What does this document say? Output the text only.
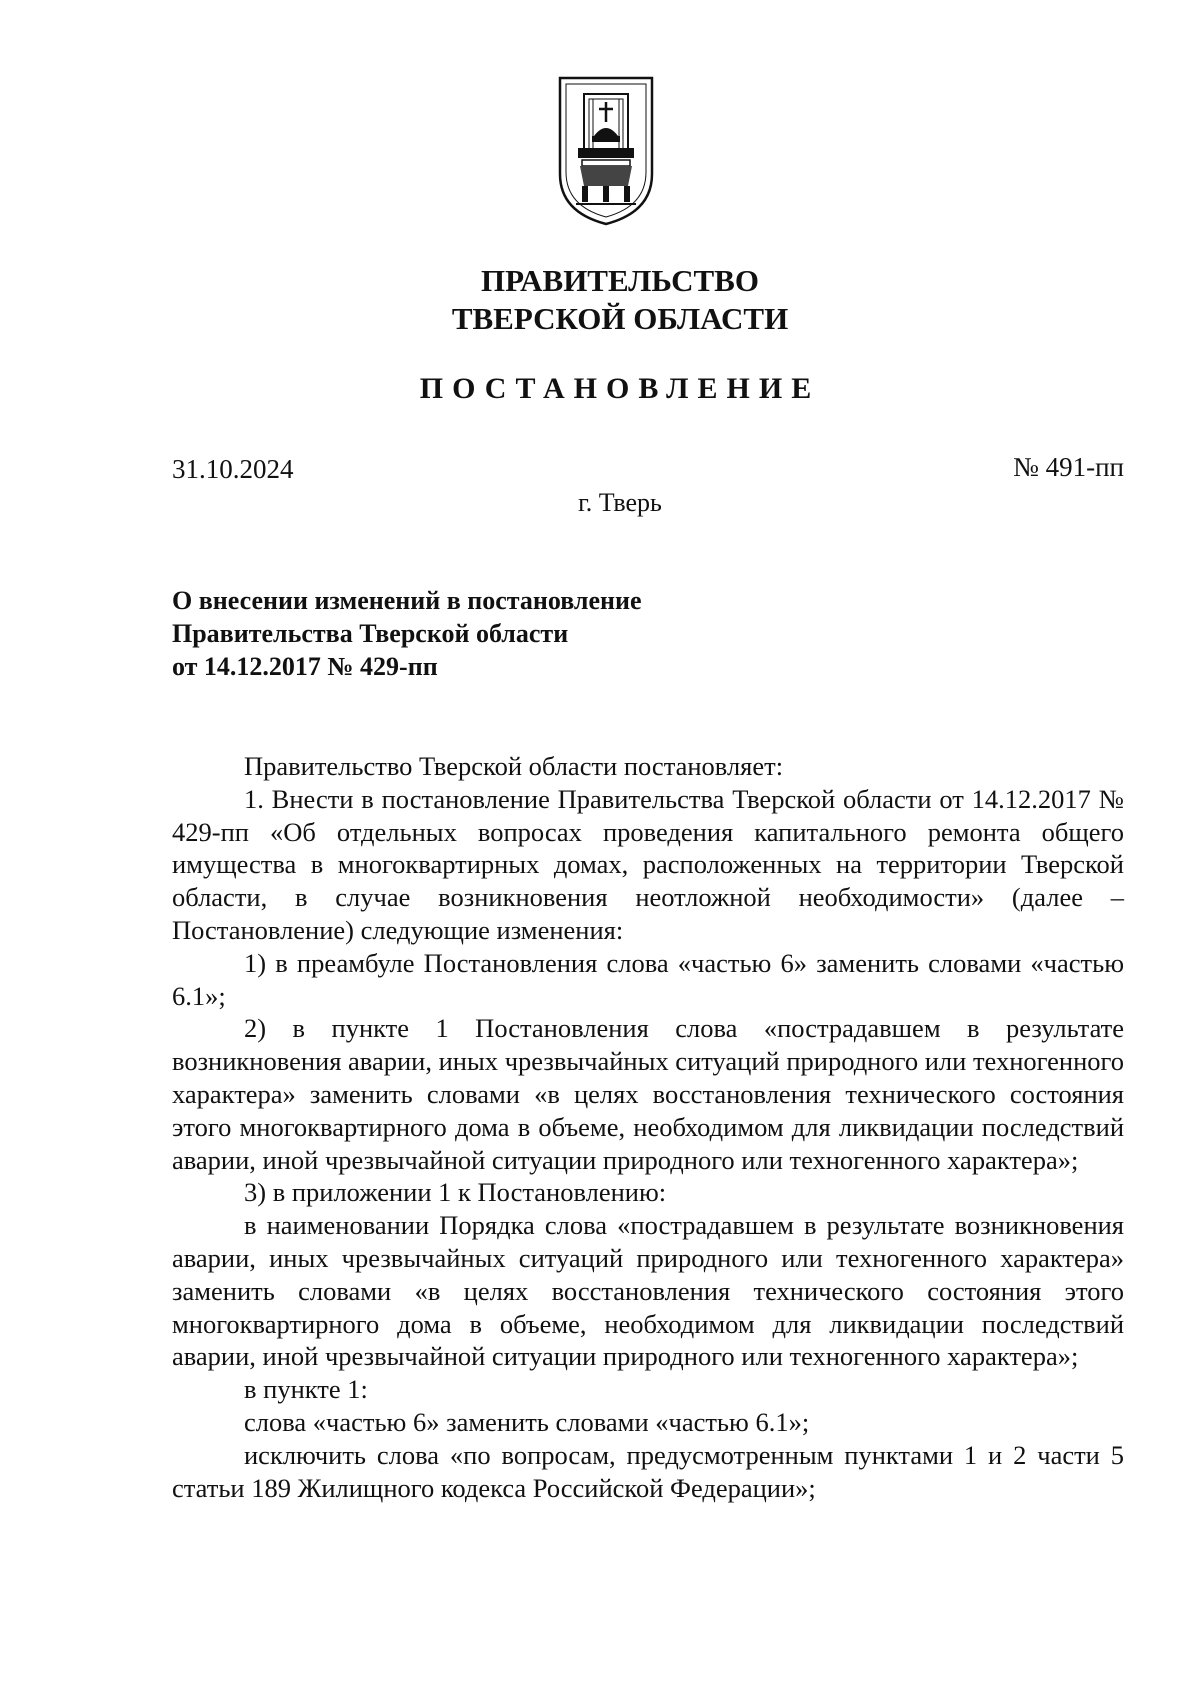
ПРАВИТЕЛЬСТВО
ТВЕРСКОЙ ОБЛАСТИ
ПОСТАНОВЛЕНИЕ
31.10.2024	№ 491-пп
г. Тверь
О внесении изменений в постановление
Правительства Тверской области
от 14.12.2017 № 429-пп

Правительство Тверской области постановляет:

1. Внести в постановление Правительства Тверской области от 14.12.2017 № 429-пп «Об отдельных вопросах проведения капитального ремонта общего имущества в многоквартирных домах, расположенных на территории Тверской области, в случае возникновения неотложной необходимости» (далее – Постановление) следующие изменения:

1) в преамбуле Постановления слова «частью 6» заменить словами «частью 6.1»;

2) в пункте 1 Постановления слова «пострадавшем в результате возникновения аварии, иных чрезвычайных ситуаций природного или техногенного характера» заменить словами «в целях восстановления технического состояния этого многоквартирного дома в объеме, необходимом для ликвидации последствий аварии, иной чрезвычайной ситуации природного или техногенного характера»;

3) в приложении 1 к Постановлению:

в наименовании Порядка слова «пострадавшем в результате возникновения аварии, иных чрезвычайных ситуаций природного или техногенного характера» заменить словами «в целях восстановления технического состояния этого многоквартирного дома в объеме, необходимом для ликвидации последствий аварии, иной чрезвычайной ситуации природного или техногенного характера»;

в пункте 1:

слова «частью 6» заменить словами «частью 6.1»;

исключить слова «по вопросам, предусмотренным пунктами 1 и 2 части 5 статьи 189 Жилищного кодекса Российской Федерации»;
